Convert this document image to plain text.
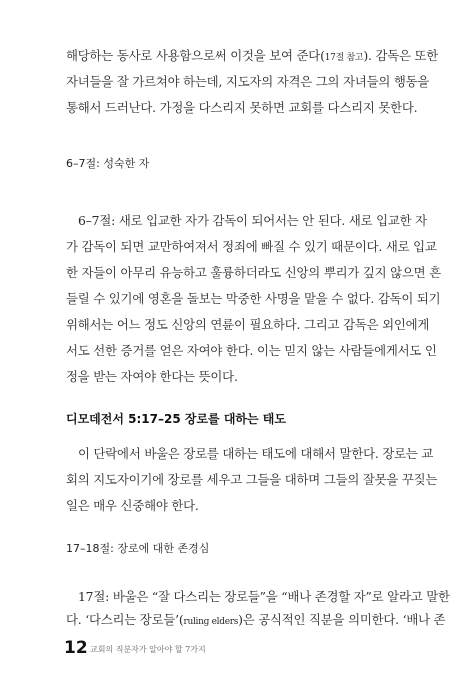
해당하는 동사로 사용함으로써 이것을 보여 준다(17절 참고). 감독은 또한
자녀들을 잘 가르쳐야 하는데, 지도자의 자격은 그의 자녀들의 행동을
통해서 드러난다. 가정을 다스리지 못하면 교회를 다스리지 못한다.
6–7절: 성숙한 자
6–7절: 새로 입교한 자가 감독이 되어서는 안 된다. 새로 입교한 자
가 감독이 되면 교만하여져서 정죄에 빠질 수 있기 때문이다. 새로 입교
한 자들이 아무리 유능하고 훌륭하더라도 신앙의 뿌리가 깊지 않으면 흔
들릴 수 있기에 영혼을 돌보는 막중한 사명을 맡을 수 없다. 감독이 되기
위해서는 어느 정도 신앙의 연륜이 필요하다. 그리고 감독은 외인에게
서도 선한 증거를 얻은 자여야 한다. 이는 믿지 않는 사람들에게서도 인
정을 받는 자여야 한다는 뜻이다.
디모데전서 5:17–25 장로를 대하는 태도
이 단락에서 바울은 장로를 대하는 태도에 대해서 말한다. 장로는 교
회의 지도자이기에 장로를 세우고 그들을 대하며 그들의 잘못을 꾸짖는
일은 매우 신중해야 한다.
17–18절: 장로에 대한 존경심
17절: 바울은 “잘 다스리는 장로들”을 “배나 존경할 자”로 알라고 말한
다. ‘다스리는 장로들’(ruling elders)은 공식적인 직분을 의미한다. ‘배나 존
12 교회의 직분자가 알아야 할 7가지
